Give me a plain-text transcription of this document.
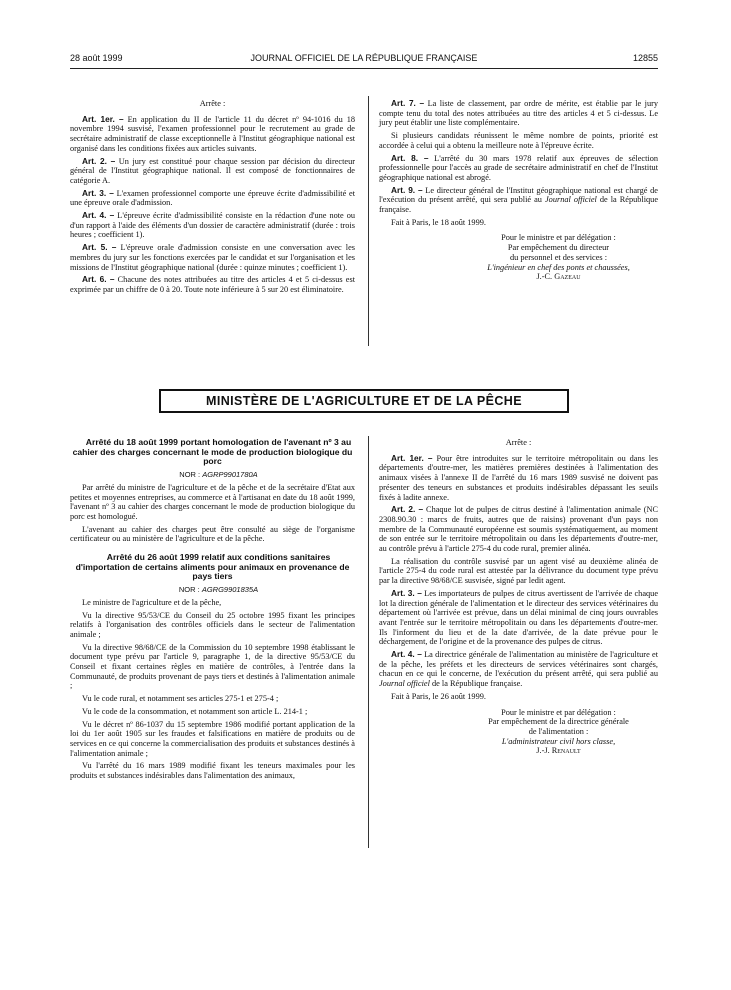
28 août 1999	JOURNAL OFFICIEL DE LA RÉPUBLIQUE FRANÇAISE	12855

Arrête :

Art. 1er. – En application du II de l'article 11 du décret nº 94-1016 du 18 novembre 1994 susvisé, l'examen professionnel pour le recrutement au grade de secrétaire administratif de classe exceptionnelle à l'Institut géographique national est organisé dans les conditions fixées aux articles suivants.

Art. 2. – Un jury est constitué pour chaque session par décision du directeur général de l'Institut géographique national. Il est composé de fonctionnaires de catégorie A.

Art. 3. – L'examen professionnel comporte une épreuve écrite d'admissibilité et une épreuve orale d'admission.

Art. 4. – L'épreuve écrite d'admissibilité consiste en la rédaction d'une note ou d'un rapport à l'aide des éléments d'un dossier de caractère administratif (durée : trois heures ; coefficient 1).

Art. 5. – L'épreuve orale d'admission consiste en une conversation avec les membres du jury sur les fonctions exercées par le candidat et sur l'organisation et les missions de l'Institut géographique national (durée : quinze minutes ; coefficient 1).

Art. 6. – Chacune des notes attribuées au titre des articles 4 et 5 ci-dessus est exprimée par un chiffre de 0 à 20. Toute note inférieure à 5 sur 20 est éliminatoire.

Art. 7. – La liste de classement, par ordre de mérite, est établie par le jury compte tenu du total des notes attribuées au titre des articles 4 et 5 ci-dessus. Le jury peut établir une liste complémentaire.

Si plusieurs candidats réunissent le même nombre de points, priorité est accordée à celui qui a obtenu la meilleure note à l'épreuve écrite.

Art. 8. – L'arrêté du 30 mars 1978 relatif aux épreuves de sélection professionnelle pour l'accès au grade de secrétaire administratif en chef de l'Institut géographique national est abrogé.

Art. 9. – Le directeur général de l'Institut géographique national est chargé de l'exécution du présent arrêté, qui sera publié au Journal officiel de la République française.

Fait à Paris, le 18 août 1999.

Pour le ministre et par délégation :

Par empêchement du directeur

du personnel et des services :

L'ingénieur en chef des ponts et chaussées,

J.-C. Gazeau

MINISTÈRE DE L'AGRICULTURE ET DE LA PÊCHE

Arrêté du 18 août 1999 portant homologation de l'avenant nº 3 au cahier des charges concernant le mode de production biologique du porc

NOR : AGRP9901780A

Par arrêté du ministre de l'agriculture et de la pêche et de la secrétaire d'Etat aux petites et moyennes entreprises, au commerce et à l'artisanat en date du 18 août 1999, l'avenant nº 3 au cahier des charges concernant le mode de production biologique du porc est homologué.

L'avenant au cahier des charges peut être consulté au siège de l'organisme certificateur ou au ministère de l'agriculture et de la pêche.

Arrêté du 26 août 1999 relatif aux conditions sanitaires d'importation de certains aliments pour animaux en provenance de pays tiers

NOR : AGRG9901835A

Le ministre de l'agriculture et de la pêche,

Vu la directive 95/53/CE du Conseil du 25 octobre 1995 fixant les principes relatifs à l'organisation des contrôles officiels dans le secteur de l'alimentation animale ;

Vu la directive 98/68/CE de la Commission du 10 septembre 1998 établissant le document type prévu par l'article 9, paragraphe 1, de la directive 95/53/CE du Conseil et fixant certaines règles en matière de contrôles, à l'entrée dans la Communauté, de produits provenant de pays tiers et destinés à l'alimentation animale ;

Vu le code rural, et notamment ses articles 275-1 et 275-4 ;

Vu le code de la consommation, et notamment son article L. 214-1 ;

Vu le décret nº 86-1037 du 15 septembre 1986 modifié portant application de la loi du 1er août 1905 sur les fraudes et falsifications en matière de produits ou de services en ce qui concerne la commercialisation des produits et substances destinés à l'alimentation animale ;

Vu l'arrêté du 16 mars 1989 modifié fixant les teneurs maximales pour les produits et substances indésirables dans l'alimentation des animaux,

Arrête :

Art. 1er. – Pour être introduites sur le territoire métropolitain ou dans les départements d'outre-mer, les matières premières destinées à l'alimentation des animaux visées à l'annexe II de l'arrêté du 16 mars 1989 susvisé ne doivent pas présenter des teneurs en substances et produits indésirables dépassant les seuils fixés à ladite annexe.

Art. 2. – Chaque lot de pulpes de citrus destiné à l'alimentation animale (NC 2308.90.30 : marcs de fruits, autres que de raisins) provenant d'un pays non membre de la Communauté européenne est soumis systématiquement, au moment de son entrée sur le territoire métropolitain ou dans les départements d'outre-mer, au contrôle prévu à l'article 275-4 du code rural, premier alinéa.

La réalisation du contrôle susvisé par un agent visé au deuxième alinéa de l'article 275-4 du code rural est attestée par la délivrance du document type prévu par la directive 98/68/CE susvisée, signé par ledit agent.

Art. 3. – Les importateurs de pulpes de citrus avertissent de l'arrivée de chaque lot la direction générale de l'alimentation et le directeur des services vétérinaires du département où l'arrivée est prévue, dans un délai minimal de cinq jours ouvrables avant l'entrée sur le territoire métropolitain ou dans les départements d'outre-mer. Ils l'informent du lieu et de la date d'arrivée, de la date prévue pour le déchargement, de l'origine et de la provenance des pulpes de citrus.

Art. 4. – La directrice générale de l'alimentation au ministère de l'agriculture et de la pêche, les préfets et les directeurs de services vétérinaires sont chargés, chacun en ce qui le concerne, de l'exécution du présent arrêté, qui sera publié au Journal officiel de la République française.

Fait à Paris, le 26 août 1999.

Pour le ministre et par délégation :

Par empêchement de la directrice générale

de l'alimentation :

L'administrateur civil hors classe,

J.-J. Renault
